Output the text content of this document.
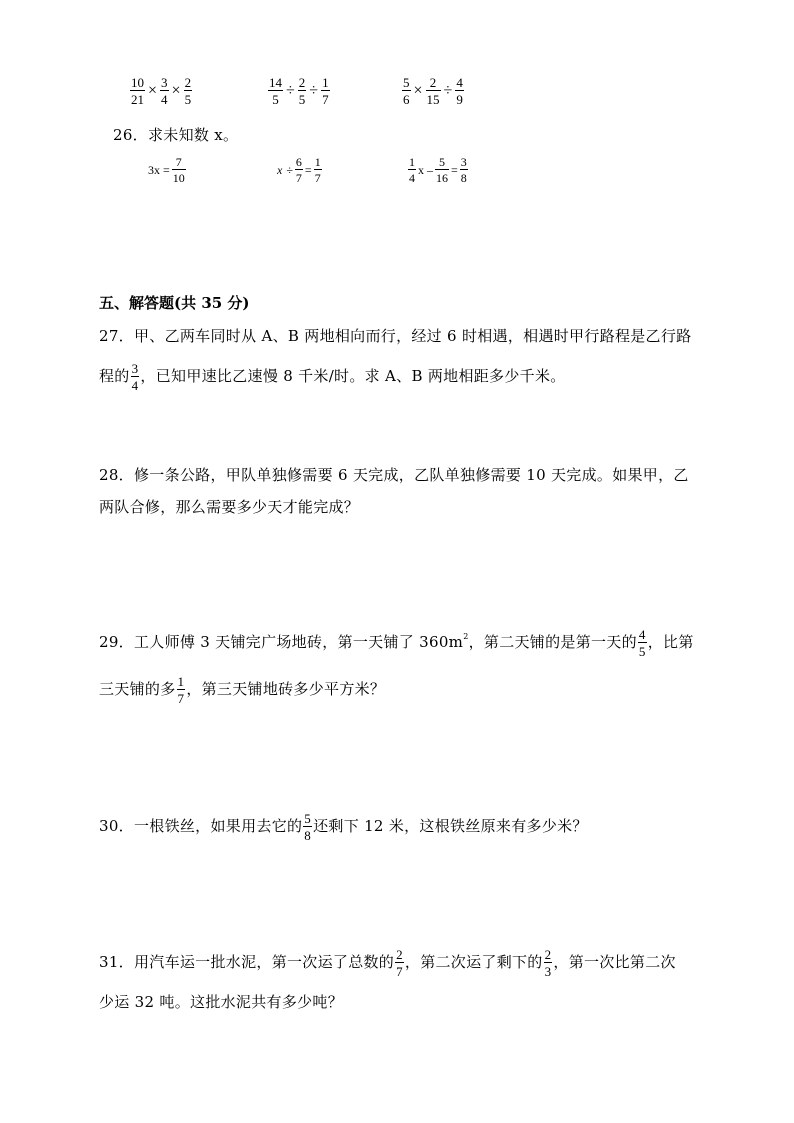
$\frac{10}{21} \times \frac{3}{4} \times \frac{2}{5}$	$\frac{14}{5} \div \frac{2}{5} \div \frac{1}{7}$	$\frac{5}{6} \times \frac{2}{15} \div \frac{4}{9}$
26．求未知数 x。
$3x = \frac{7}{10}$	$x \div \frac{6}{7} = \frac{1}{7}$	$\frac{1}{4}$ $x - \frac{5}{16} = \frac{3}{8}$
五、解答题(共 35 分)
27．甲、乙两车同时从 A、B 两地相向而行，经过 6 时相遇，相遇时甲行路程是乙行路
程的 $\frac{3}{4}$ ，已知甲速比乙速慢 8 千米/时。求 A、B 两地相距多少千米。
28．修一条公路，甲队单独修需要 6 天完成，乙队单独修需要 10 天完成。如果甲，乙
两队合修，那么需要多少天才能完成？
29．工人师傅 3 天铺完广场地砖，第一天铺了 $360m^2$，第二天铺的是第一天的 $\frac{4}{5}$ ，比第
三天铺的多 $\frac{1}{7}$ ，第三天铺地砖多少平方米？
30．一根铁丝，如果用去它的 $\frac{5}{8}$ 还剩下 12 米，这根铁丝原来有多少米？
31．用汽车运一批水泥，第一次运了总数的 $\frac{2}{7}$ ，第二次运了剩下的 $\frac{2}{3}$ ，第一次比第二次
少运 32 吨。这批水泥共有多少吨？
